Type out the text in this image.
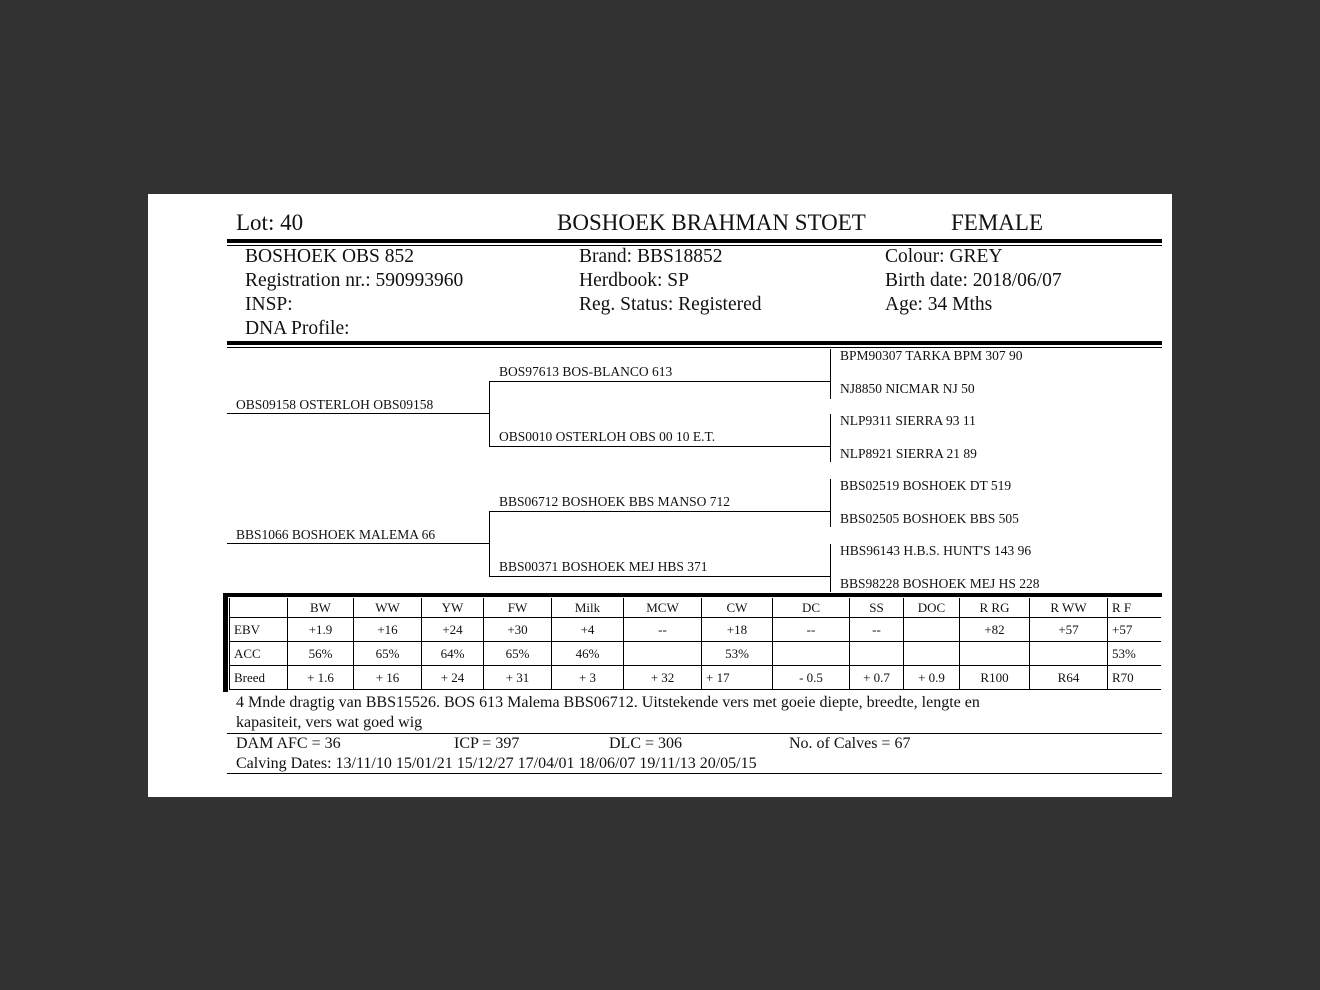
Lot: 40	BOSHOEK BRAHMAN STOET	FEMALE
BOSHOEK OBS 852
Registration nr.: 590993960
INSP:
DNA Profile:
Brand: BBS18852
Herdbook: SP
Reg. Status: Registered
Colour: GREY
Birth date: 2018/06/07
Age: 34 Mths
OBS09158 OSTERLOH OBS09158
BBS1066 BOSHOEK MALEMA 66
BOS97613 BOS-BLANCO 613
OBS0010 OSTERLOH OBS 00 10 E.T.
BBS06712 BOSHOEK BBS MANSO 712
BBS00371 BOSHOEK MEJ HBS 371
BPM90307 TARKA BPM 307 90
NJ8850 NICMAR NJ 50
NLP9311 SIERRA 93 11
NLP8921 SIERRA 21 89
BBS02519 BOSHOEK DT 519
BBS02505 BOSHOEK BBS 505
HBS96143 H.B.S. HUNT'S 143 96
BBS98228 BOSHOEK MEJ HS 228
	BW	WW	YW	FW	Milk	MCW	CW	DC	SS	DOC	R RG	R WW	R F
EBV	+1.9	+16	+24	+30	+4	--	+18	--	--		+82	+57	+57
ACC	56%	65%	64%	65%	46%		53%						53%
Breed	+ 1.6	+ 16	+ 24	+ 31	+ 3	+ 32	+ 17	- 0.5	+ 0.7	+ 0.9	R100	R64	R70
4 Mnde dragtig van BBS15526. BOS 613 Malema BBS06712. Uitstekende vers met goeie diepte, breedte, lengte en
kapasiteit, vers wat goed wig
DAM AFC = 36	ICP = 397	DLC = 306	No. of Calves = 67
Calving Dates: 13/11/10 15/01/21 15/12/27 17/04/01 18/06/07 19/11/13 20/05/15
